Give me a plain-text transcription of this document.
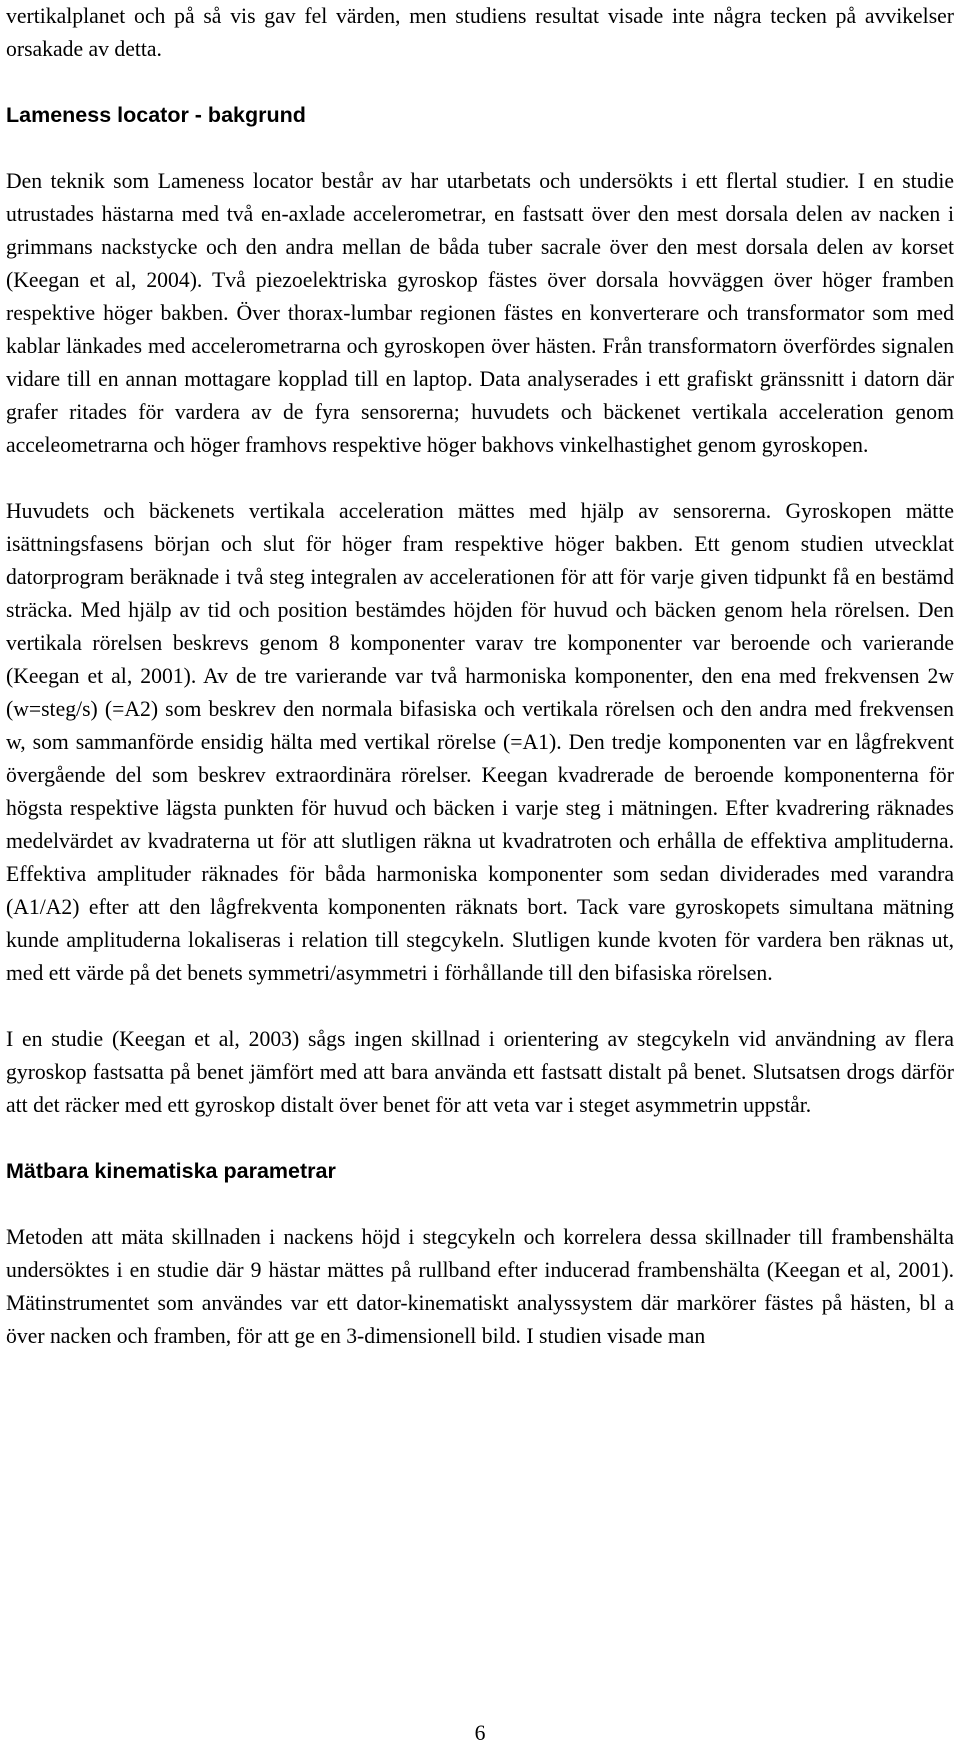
vertikalplanet och på så vis gav fel värden, men studiens resultat visade inte några tecken på avvikelser orsakade av detta.

Lameness locator - bakgrund

Den teknik som Lameness locator består av har utarbetats och undersökts i ett flertal studier. I en studie utrustades hästarna med två en-axlade accelerometrar, en fastsatt över den mest dorsala delen av nacken i grimmans nackstycke och den andra mellan de båda tuber sacrale över den mest dorsala delen av korset (Keegan et al, 2004). Två piezoelektriska gyroskop fästes över dorsala hovväggen över höger framben respektive höger bakben. Över thorax-lumbar regionen fästes en konverterare och transformator som med kablar länkades med accelerometrarna och gyroskopen över hästen. Från transformatorn överfördes signalen vidare till en annan mottagare kopplad till en laptop. Data analyserades i ett grafiskt gränssnitt i datorn där grafer ritades för vardera av de fyra sensorerna; huvudets och bäckenet vertikala acceleration genom acceleometrarna och höger framhovs respektive höger bakhovs vinkelhastighet genom gyroskopen.

Huvudets och bäckenets vertikala acceleration mättes med hjälp av sensorerna. Gyroskopen mätte isättningsfasens början och slut för höger fram respektive höger bakben. Ett genom studien utvecklat datorprogram beräknade i två steg integralen av accelerationen för att för varje given tidpunkt få en bestämd sträcka. Med hjälp av tid och position bestämdes höjden för huvud och bäcken genom hela rörelsen. Den vertikala rörelsen beskrevs genom 8 komponenter varav tre komponenter var beroende och varierande (Keegan et al, 2001). Av de tre varierande var två harmoniska komponenter, den ena med frekvensen 2w (w=steg/s) (=A2) som beskrev den normala bifasiska och vertikala rörelsen och den andra med frekvensen w, som sammanförde ensidig hälta med vertikal rörelse (=A1). Den tredje komponenten var en lågfrekvent övergående del som beskrev extraordinära rörelser. Keegan kvadrerade de beroende komponenterna för högsta respektive lägsta punkten för huvud och bäcken i varje steg i mätningen. Efter kvadrering räknades medelvärdet av kvadraterna ut för att slutligen räkna ut kvadratroten och erhålla de effektiva amplituderna. Effektiva amplituder räknades för båda harmoniska komponenter som sedan dividerades med varandra (A1/A2) efter att den lågfrekventa komponenten räknats bort. Tack vare gyroskopets simultana mätning kunde amplituderna lokaliseras i relation till stegcykeln. Slutligen kunde kvoten för vardera ben räknas ut, med ett värde på det benets symmetri/asymmetri i förhållande till den bifasiska rörelsen.

I en studie (Keegan et al, 2003) sågs ingen skillnad i orientering av stegcykeln vid användning av flera gyroskop fastsatta på benet jämfört med att bara använda ett fastsatt distalt på benet. Slutsatsen drogs därför att det räcker med ett gyroskop distalt över benet för att veta var i steget asymmetrin uppstår.

Mätbara kinematiska parametrar

Metoden att mäta skillnaden i nackens höjd i stegcykeln och korrelera dessa skillnader till frambenshälta undersöktes i en studie där 9 hästar mättes på rullband efter inducerad frambenshälta (Keegan et al, 2001). Mätinstrumentet som användes var ett dator-kinematiskt analyssystem där markörer fästes på hästen, bl a över nacken och framben, för att ge en 3-dimensionell bild. I studien visade man

6
